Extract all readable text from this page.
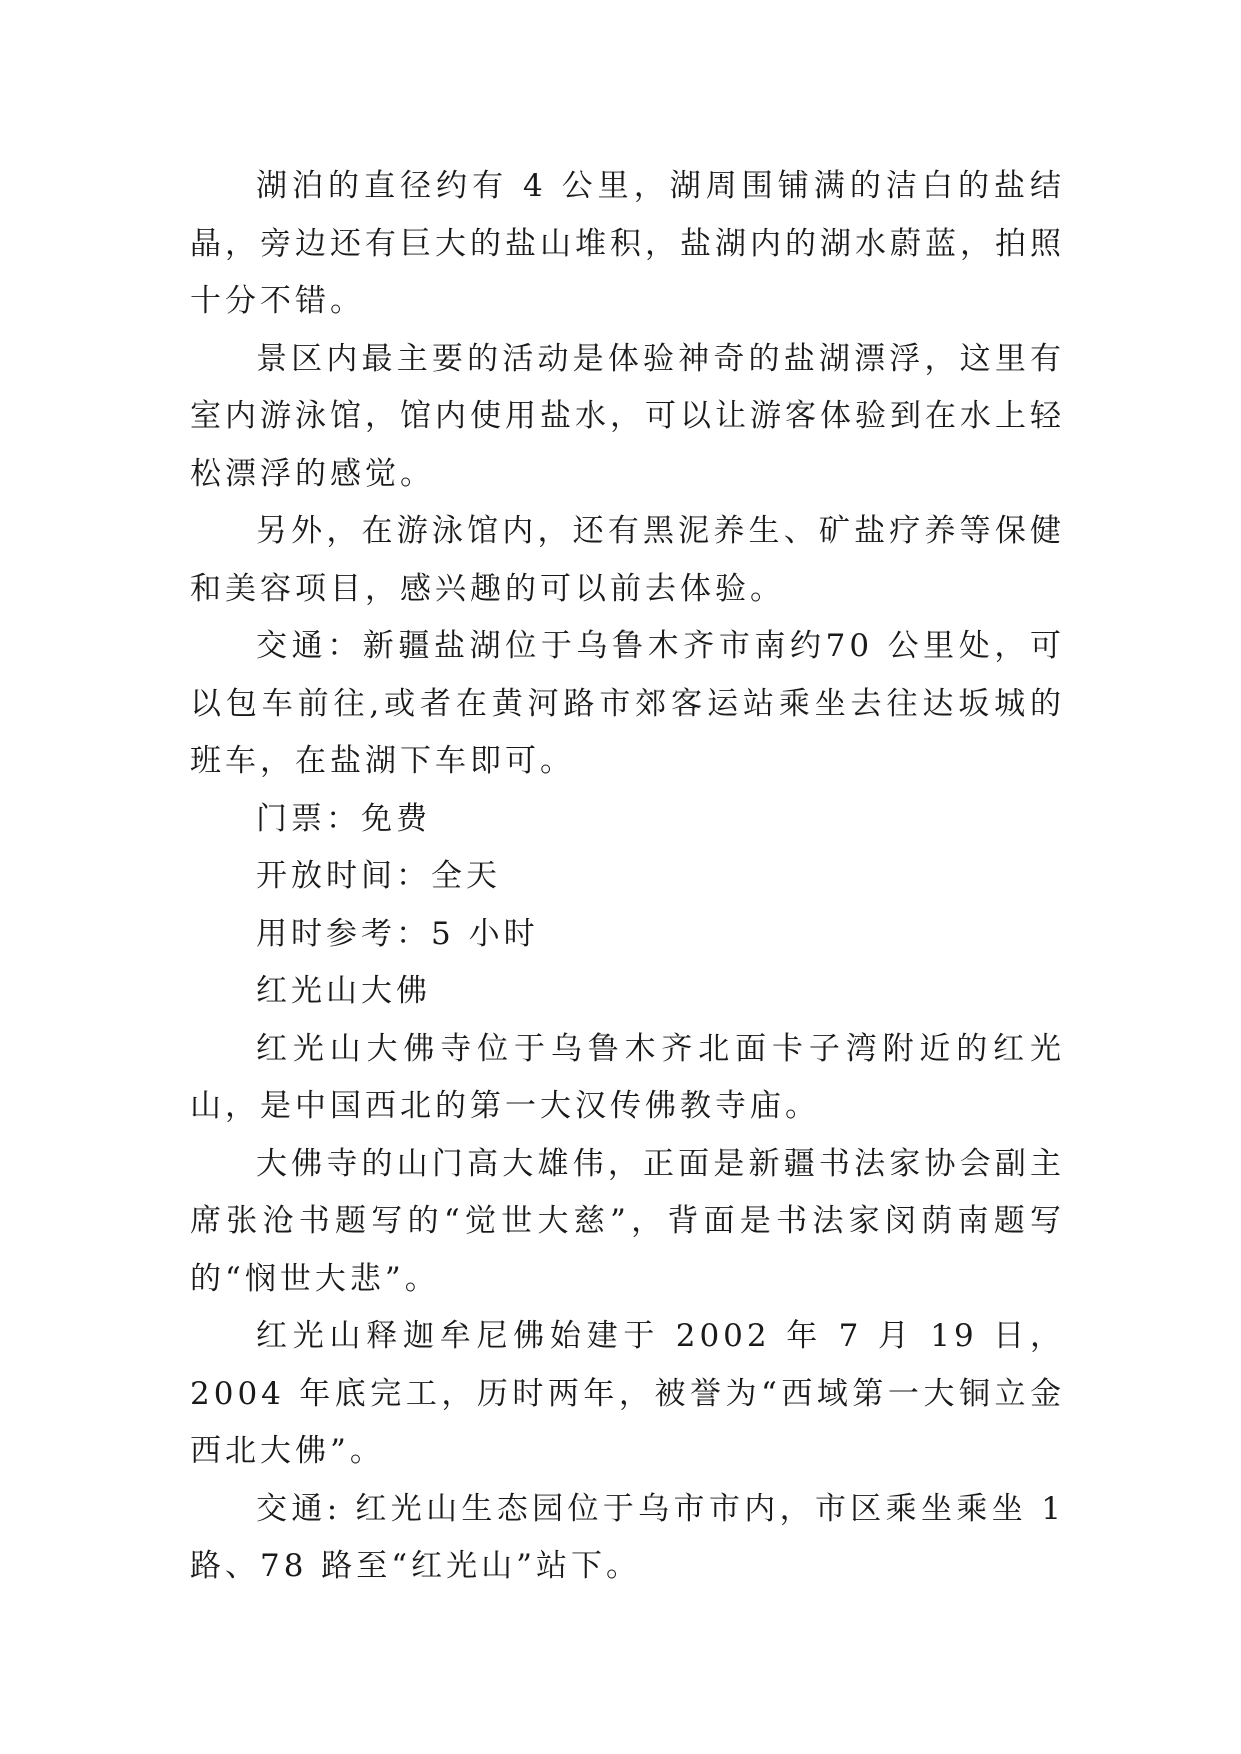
湖泊的直径约有 4 公里，湖周围铺满的洁白的盐结晶，旁边还有巨大的盐山堆积，盐湖内的湖水蔚蓝，拍照十分不错。

景区内最主要的活动是体验神奇的盐湖漂浮，这里有室内游泳馆，馆内使用盐水，可以让游客体验到在水上轻松漂浮的感觉。

另外，在游泳馆内，还有黑泥养生、矿盐疗养等保健和美容项目，感兴趣的可以前去体验。

交通：新疆盐湖位于乌鲁木齐市南约70 公里处，可以包车前往,或者在黄河路市郊客运站乘坐去往达坂城的班车，在盐湖下车即可。

门票：免费

开放时间：全天

用时参考：5 小时

红光山大佛

红光山大佛寺位于乌鲁木齐北面卡子湾附近的红光山，是中国西北的第一大汉传佛教寺庙。

大佛寺的山门高大雄伟，正面是新疆书法家协会副主席张沧书题写的“觉世大慈”，背面是书法家闵荫南题写的“悯世大悲”。

红光山释迦牟尼佛始建于 2002 年 7 月 19 日，2004 年底完工，历时两年，被誉为“西域第一大铜立金西北大佛”。

交通: 红光山生态园位于乌市市内，市区乘坐乘坐 1 路、78 路至“红光山”站下。
